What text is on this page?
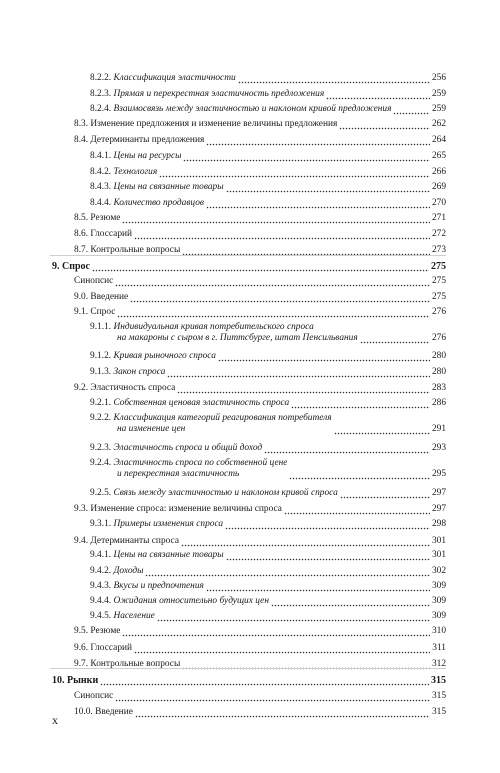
8.2.2. Классификация эластичности	256
8.2.3. Прямая и перекрестная эластичность предложения	259
8.2.4. Взаимосвязь между эластичностью и наклоном кривой предложения	259
8.3. Изменение предложения и изменение величины предложения	262
8.4. Детерминанты предложения	264
8.4.1. Цены на ресурсы	265
8.4.2. Технология	266
8.4.3. Цены на связанные товары	269
8.4.4. Количество продавцов	270
8.5. Резюме	271
8.6. Глоссарий	272
8.7. Контрольные вопросы	273
9. Спрос	275
Синопсис	275
9.0. Введение	275
9.1. Спрос	276
9.1.1. Индивидуальная кривая потребительского спроса
на макароны с сыром в г. Питтсбурге, штат Пенсильвания	276
9.1.2. Кривая рыночного спроса	280
9.1.3. Закон спроса	280
9.2. Эластичность спроса	283
9.2.1. Собственная ценовая эластичность спроса	286
9.2.2. Классификация категорий реагирования потребителя
на изменение цен	291
9.2.3. Эластичность спроса и общий доход	293
9.2.4. Эластичность спроса по собственной цене
и перекрестная эластичность	295
9.2.5. Связь между эластичностью и наклоном кривой спроса	297
9.3. Изменение спроса: изменение величины спроса	297
9.3.1. Примеры изменения спроса	298
9.4. Детерминанты спроса	301
9.4.1. Цены на связанные товары	301
9.4.2. Доходы	302
9.4.3. Вкусы и предпочтения	309
9.4.4. Ожидания относительно будущих цен	309
9.4.5. Население	309
9.5. Резюме	310
9.6. Глоссарий	311
9.7. Контрольные вопросы	312
10. Рынки	315
Синопсис	315
10.0. Введение	315
x
